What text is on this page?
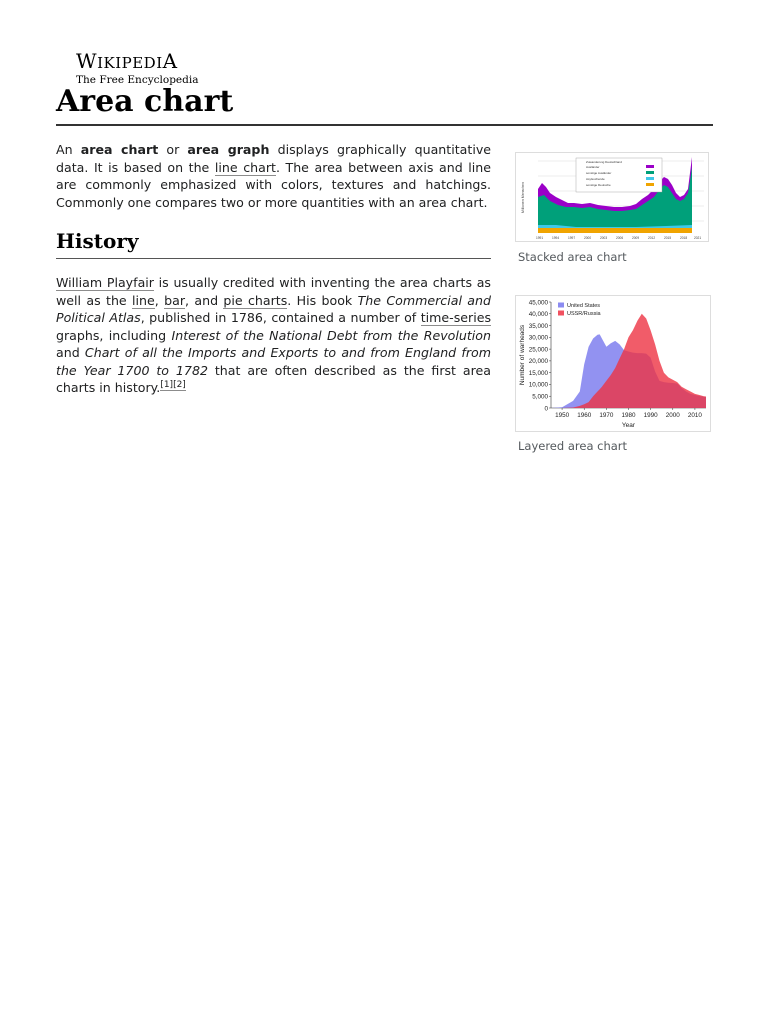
WIKIPEDIA
The Free Encyclopedia
Area chart

An area chart or area graph displays graphically quantitative data. It is based on the line chart. The area between axis and line are commonly emphasized with colors, textures and hatchings. Commonly one compares two or more quantities with an area chart.

History

William Playfair is usually credited with inventing the area charts as well as the line, bar, and pie charts. His book The Commercial and Political Atlas, published in 1786, contained a number of time-series graphs, including Interest of the National Debt from the Revolution and Chart of all the Imports and Exports to and from England from the Year 1700 to 1782 that are often described as the first area charts in history.[1][2]

Zuwanderung Deutschland
Ausländer
sonstige Ausländer
Asylsuchende
sonstige Deutsche
1991	1994	1997	2000	2003	2006	2009	2012	2015	2018 2021
Millionen Menschen
Stacked area chart
0
5,000
10,000
15,000
20,000
25,000
30,000
35,000
40,000
45,000
1950 1960 1970 1980 1990 2000 2010
United States
USSR/Russia
Year
Number of warheads
Layered area chart
